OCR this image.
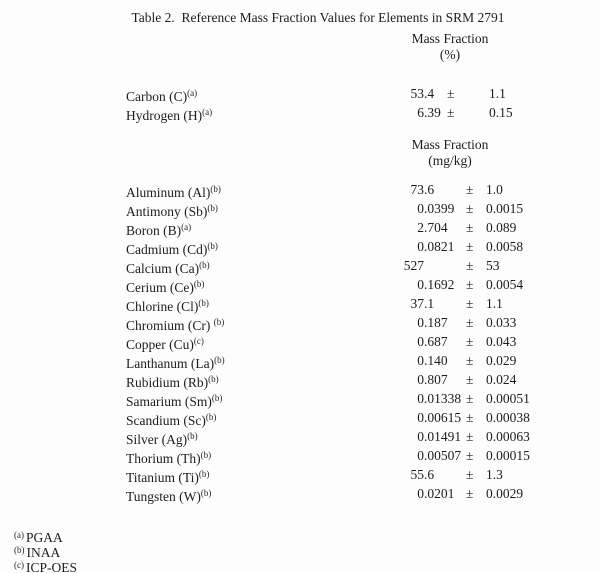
Table 2.  Reference Mass Fraction Values for Elements in SRM 2791
Mass Fraction
(%)
Mass Fraction
(mg/kg)
Carbon $(C)^{(a)}$	53 .4 ±	1.1
Hydrogen $(H)^{(a)}$	6 .39 ±	0.15
Aluminum $(Al)^{(b)}$	73 .6 ± 1.0
Antimony $(Sb)^{(b)}$	0 .0399 ± 0.0015
Boron $(B)^{(a)}$	2 .704 ± 0.089
Cadmium $(Cd)^{(b)}$	0 .0821 ± 0.0058
Calcium $(Ca)^{(b)}$	527	± 53
Cerium $(Ce)^{(b)}$	0 .1692 ± 0.0054
Chlorine $(Cl)^{(b)}$	37 .1 ± 1.1
Chromium (Cr) $^{(b)}$	0 .187 ± 0.033
Copper $(Cu)^{(c)}$	0 .687 ± 0.043
Lanthanum $(La)^{(b)}$	0 .140 ± 0.029
Rubidium $(Rb)^{(b)}$	0 .807 ± 0.024
Samarium $(Sm)^{(b)}$	0 .01338 ± 0.00051
Scandium $(Sc)^{(b)}$	0 .00615 ± 0.00038
Silver $(Ag)^{(b)}$	0 .01491 ± 0.00063
Thorium $(Th)^{(b)}$	0 .00507 ± 0.00015
Titanium $(Ti)^{(b)}$	55 .6 ± 1.3
Tungsten $(W)^{(b)}$	0 .0201 ± 0.0029
$^{(a)}$ PGAA
$^{(b)}$ INAA
$^{(c)}$ ICP-OES
